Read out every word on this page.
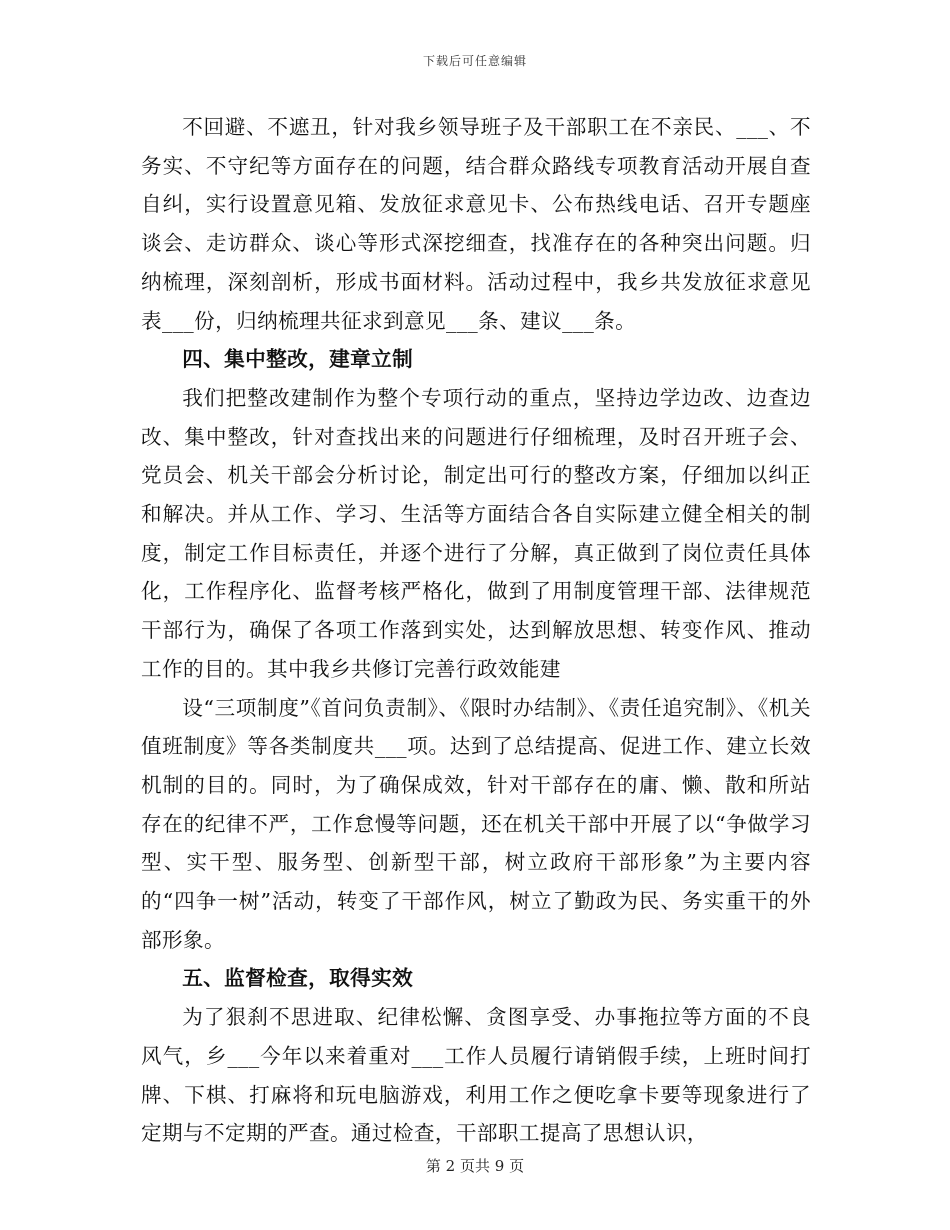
下载后可任意编辑

不回避、不遮丑，针对我乡领导班子及干部职工在不亲民、___、不务实、不守纪等方面存在的问题，结合群众路线专项教育活动开展自查自纠，实行设置意见箱、发放征求意见卡、公布热线电话、召开专题座谈会、走访群众、谈心等形式深挖细查，找准存在的各种突出问题。归纳梳理，深刻剖析，形成书面材料。活动过程中，我乡共发放征求意见表___份，归纳梳理共征求到意见___条、建议___条。

四、集中整改，建章立制

我们把整改建制作为整个专项行动的重点，坚持边学边改、边查边改、集中整改，针对查找出来的问题进行仔细梳理，及时召开班子会、党员会、机关干部会分析讨论，制定出可行的整改方案，仔细加以纠正和解决。并从工作、学习、生活等方面结合各自实际建立健全相关的制度，制定工作目标责任，并逐个进行了分解，真正做到了岗位责任具体化，工作程序化、监督考核严格化，做到了用制度管理干部、法律规范干部行为，确保了各项工作落到实处，达到解放思想、转变作风、推动工作的目的。其中我乡共修订完善行政效能建

设“三项制度”《首问负责制》、《限时办结制》、《责任追究制》、《机关值班制度》等各类制度共___项。达到了总结提高、促进工作、建立长效机制的目的。同时，为了确保成效，针对干部存在的庸、懒、散和所站存在的纪律不严，工作怠慢等问题，还在机关干部中开展了以“争做学习型、实干型、服务型、创新型干部，树立政府干部形象”为主要内容的“四争一树”活动，转变了干部作风，树立了勤政为民、务实重干的外部形象。

五、监督检查，取得实效

为了狠刹不思进取、纪律松懈、贪图享受、办事拖拉等方面的不良风气，乡___今年以来着重对___工作人员履行请销假手续，上班时间打牌、下棋、打麻将和玩电脑游戏，利用工作之便吃拿卡要等现象进行了定期与不定期的严查。通过检查，干部职工提高了思想认识，

第 2 页共 9 页
